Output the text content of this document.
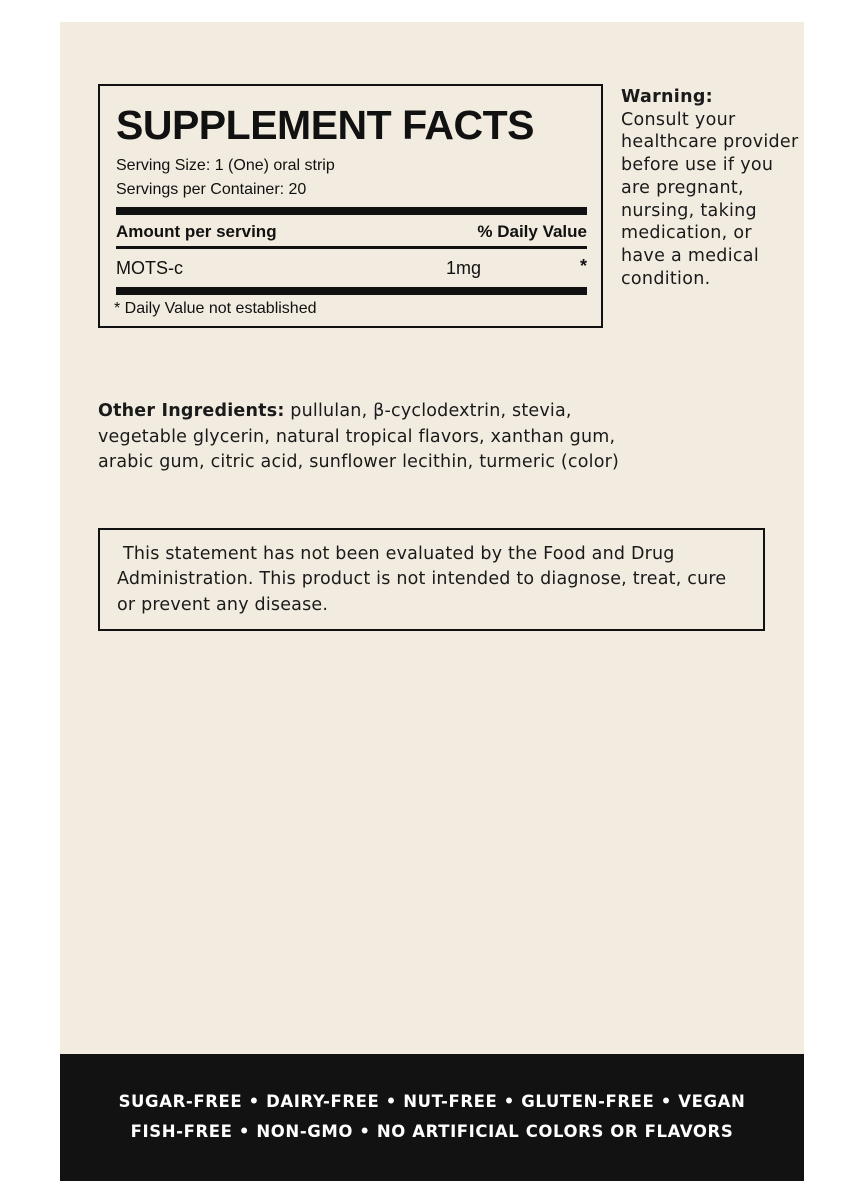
SUPPLEMENT FACTS
Serving Size: 1 (One) oral strip
Servings per Container: 20
Amount per serving	% Daily Value
MOTS-c	1mg	*
* Daily Value not established
Warning:
Consult your healthcare provider before use if you are pregnant, nursing, taking medication, or have a medical condition.
Other Ingredients: pullulan, β-cyclodextrin, stevia, vegetable glycerin, natural tropical flavors, xanthan gum, arabic gum, citric acid, sunflower lecithin, turmeric (color)
This statement has not been evaluated by the Food and Drug Administration. This product is not intended to diagnose, treat, cure or prevent any disease.
SUGAR-FREE • DAIRY-FREE • NUT-FREE • GLUTEN-FREE • VEGAN
FISH-FREE • NON-GMO • NO ARTIFICIAL COLORS OR FLAVORS
